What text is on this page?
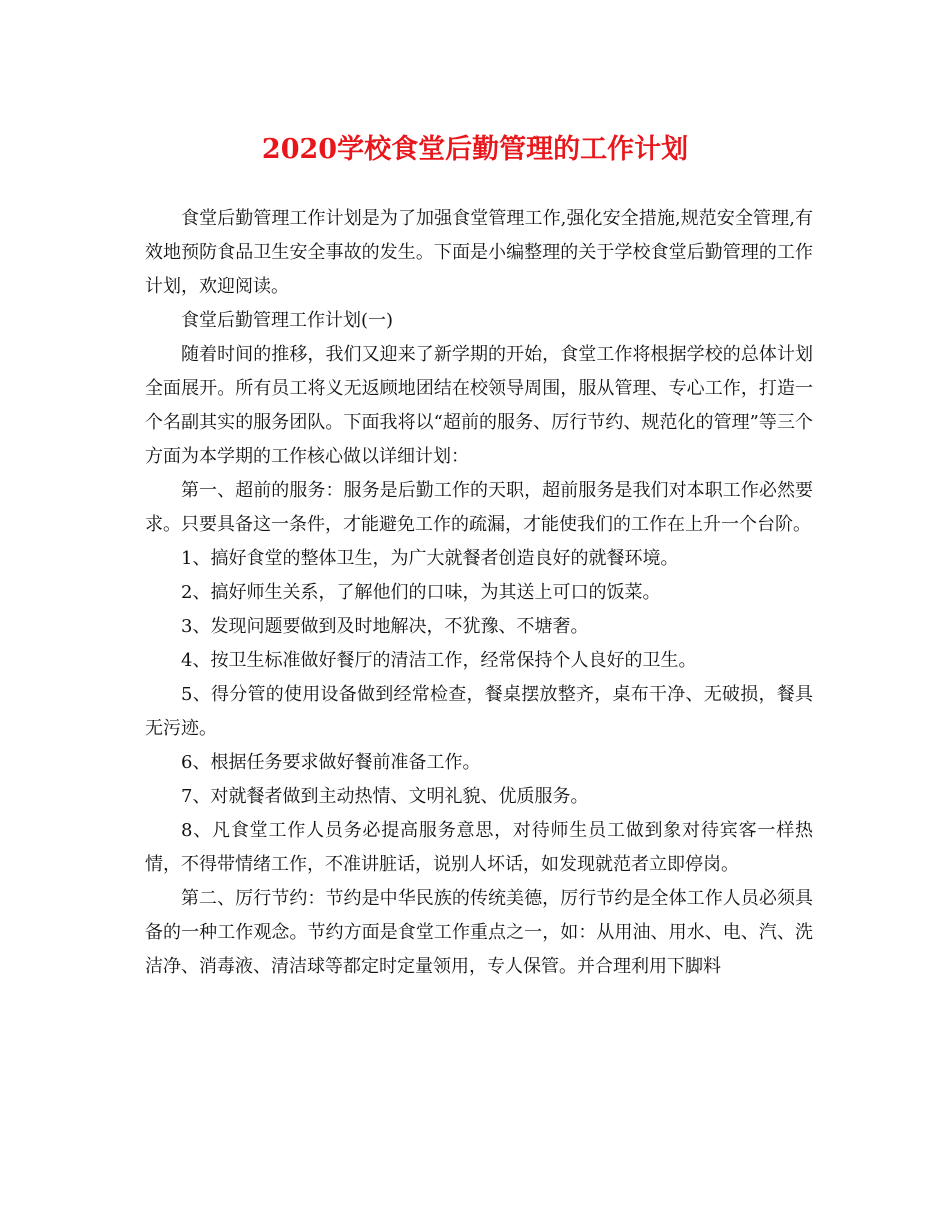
2020学校食堂后勤管理的工作计划

食堂后勤管理工作计划是为了加强食堂管理工作,强化安全措施,规范安全管理,有效地预防食品卫生安全事故的发生。下面是小编整理的关于学校食堂后勤管理的工作计划，欢迎阅读。

食堂后勤管理工作计划(一)

随着时间的推移，我们又迎来了新学期的开始，食堂工作将根据学校的总体计划全面展开。所有员工将义无返顾地团结在校领导周围，服从管理、专心工作，打造一个名副其实的服务团队。下面我将以“超前的服务、厉行节约、规范化的管理”等三个方面为本学期的工作核心做以详细计划：

第一、超前的服务：服务是后勤工作的天职，超前服务是我们对本职工作必然要求。只要具备这一条件，才能避免工作的疏漏，才能使我们的工作在上升一个台阶。

1、搞好食堂的整体卫生，为广大就餐者创造良好的就餐环境。

2、搞好师生关系，了解他们的口味，为其送上可口的饭菜。

3、发现问题要做到及时地解决，不犹豫、不塘奢。

4、按卫生标准做好餐厅的清洁工作，经常保持个人良好的卫生。

5、得分管的使用设备做到经常检查，餐桌摆放整齐，桌布干净、无破损，餐具无污迹。

6、根据任务要求做好餐前准备工作。

7、对就餐者做到主动热情、文明礼貌、优质服务。

8、凡食堂工作人员务必提高服务意思，对待师生员工做到象对待宾客一样热情，不得带情绪工作，不准讲脏话，说别人坏话，如发现就范者立即停岗。

第二、厉行节约：节约是中华民族的传统美德，厉行节约是全体工作人员必须具备的一种工作观念。节约方面是食堂工作重点之一，如：从用油、用水、电、汽、洗洁净、消毒液、清洁球等都定时定量领用，专人保管。并合理利用下脚料
